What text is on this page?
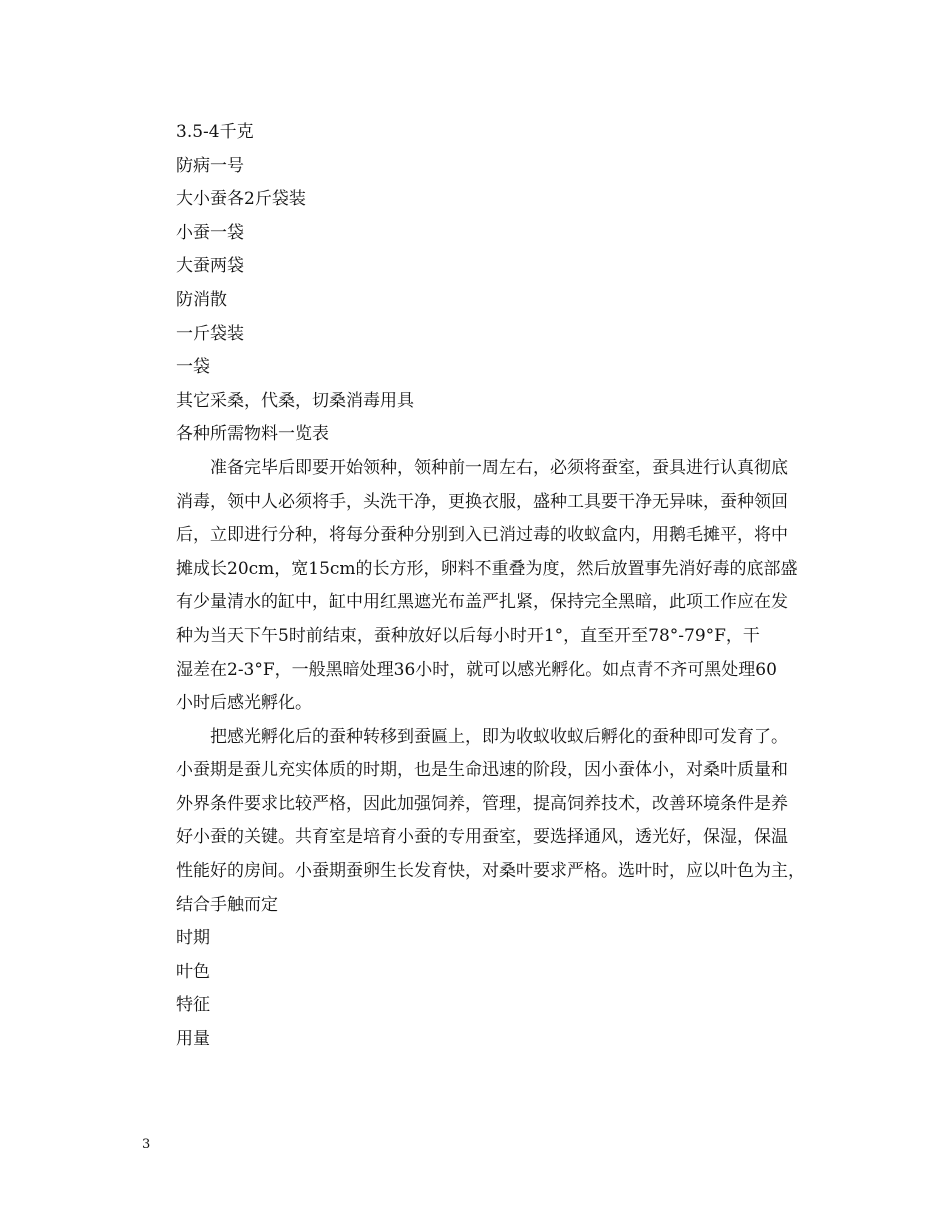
3.5-4千克
防病一号
大小蚕各2斤袋装
小蚕一袋
大蚕两袋
防消散
一斤袋装
一袋
其它采桑，代桑，切桑消毒用具
各种所需物料一览表
准备完毕后即要开始领种，领种前一周左右，必须将蚕室，蚕具进行认真彻底
消毒，领中人必须将手，头洗干净，更换衣服，盛种工具要干净无异味，蚕种领回
后，立即进行分种，将每分蚕种分别到入已消过毒的收蚁盒内，用鹅毛摊平，将中
摊成长20cm，宽15cm的长方形，卵料不重叠为度，然后放置事先消好毒的底部盛
有少量清水的缸中，缸中用红黑遮光布盖严扎紧，保持完全黑暗，此项工作应在发
种为当天下午5时前结束，蚕种放好以后每小时开1°，直至开至78°-79°F，干
湿差在2-3°F，一般黑暗处理36小时，就可以感光孵化。如点青不齐可黑处理60
小时后感光孵化。
把感光孵化后的蚕种转移到蚕匾上，即为收蚁收蚁后孵化的蚕种即可发育了。
小蚕期是蚕儿充实体质的时期，也是生命迅速的阶段，因小蚕体小，对桑叶质量和
外界条件要求比较严格，因此加强饲养，管理，提高饲养技术，改善环境条件是养
好小蚕的关键。共育室是培育小蚕的专用蚕室，要选择通风，透光好，保湿，保温
性能好的房间。小蚕期蚕卵生长发育快，对桑叶要求严格。选叶时，应以叶色为主，
结合手触而定
时期
叶色
特征
用量
3
